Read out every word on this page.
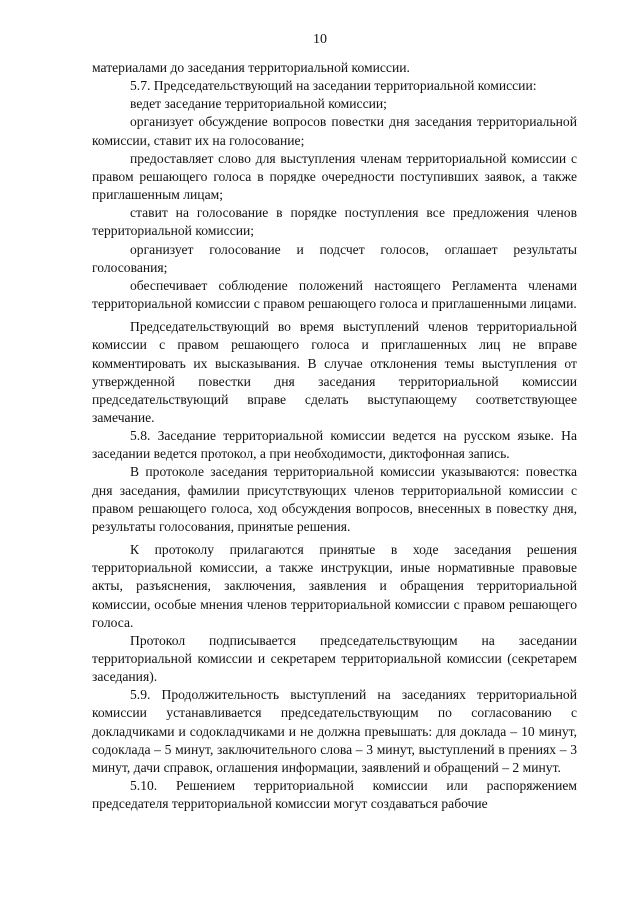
10

материалами до заседания территориальной комиссии.

5.7. Председательствующий на заседании территориальной комиссии:

ведет заседание территориальной комиссии;

организует обсуждение вопросов повестки дня заседания территориальной комиссии, ставит их на голосование;

предоставляет слово для выступления членам территориальной комиссии с правом решающего голоса в порядке очередности поступивших заявок, а также приглашенным лицам;

ставит на голосование в порядке поступления все предложения членов территориальной комиссии;

организует голосование и подсчет голосов, оглашает результаты голосования;

обеспечивает соблюдение положений настоящего Регламента членами территориальной комиссии с правом решающего голоса и приглашенными лицами.

Председательствующий во время выступлений членов территориальной комиссии с правом решающего голоса и приглашенных лиц не вправе комментировать их высказывания. В случае отклонения темы выступления от утвержденной повестки дня заседания территориальной комиссии председательствующий вправе сделать выступающему соответствующее замечание.

5.8. Заседание территориальной комиссии ведется на русском языке. На заседании ведется протокол, а при необходимости, диктофонная запись.

В протоколе заседания территориальной комиссии указываются: повестка дня заседания, фамилии присутствующих членов территориальной комиссии с правом решающего голоса, ход обсуждения вопросов, внесенных в повестку дня, результаты голосования, принятые решения.

К протоколу прилагаются принятые в ходе заседания решения территориальной комиссии, а также инструкции, иные нормативные правовые акты, разъяснения, заключения, заявления и обращения территориальной комиссии, особые мнения членов территориальной комиссии с правом решающего голоса.

Протокол подписывается председательствующим на заседании территориальной комиссии и секретарем территориальной комиссии (секретарем заседания).

5.9. Продолжительность выступлений на заседаниях территориальной комиссии устанавливается председательствующим по согласованию с докладчиками и содокладчиками и не должна превышать: для доклада – 10 минут, содоклада – 5 минут, заключительного слова – 3 минут, выступлений в прениях – 3 минут, дачи справок, оглашения информации, заявлений и обращений – 2 минут.

5.10. Решением территориальной комиссии или распоряжением председателя территориальной комиссии могут создаваться рабочие
